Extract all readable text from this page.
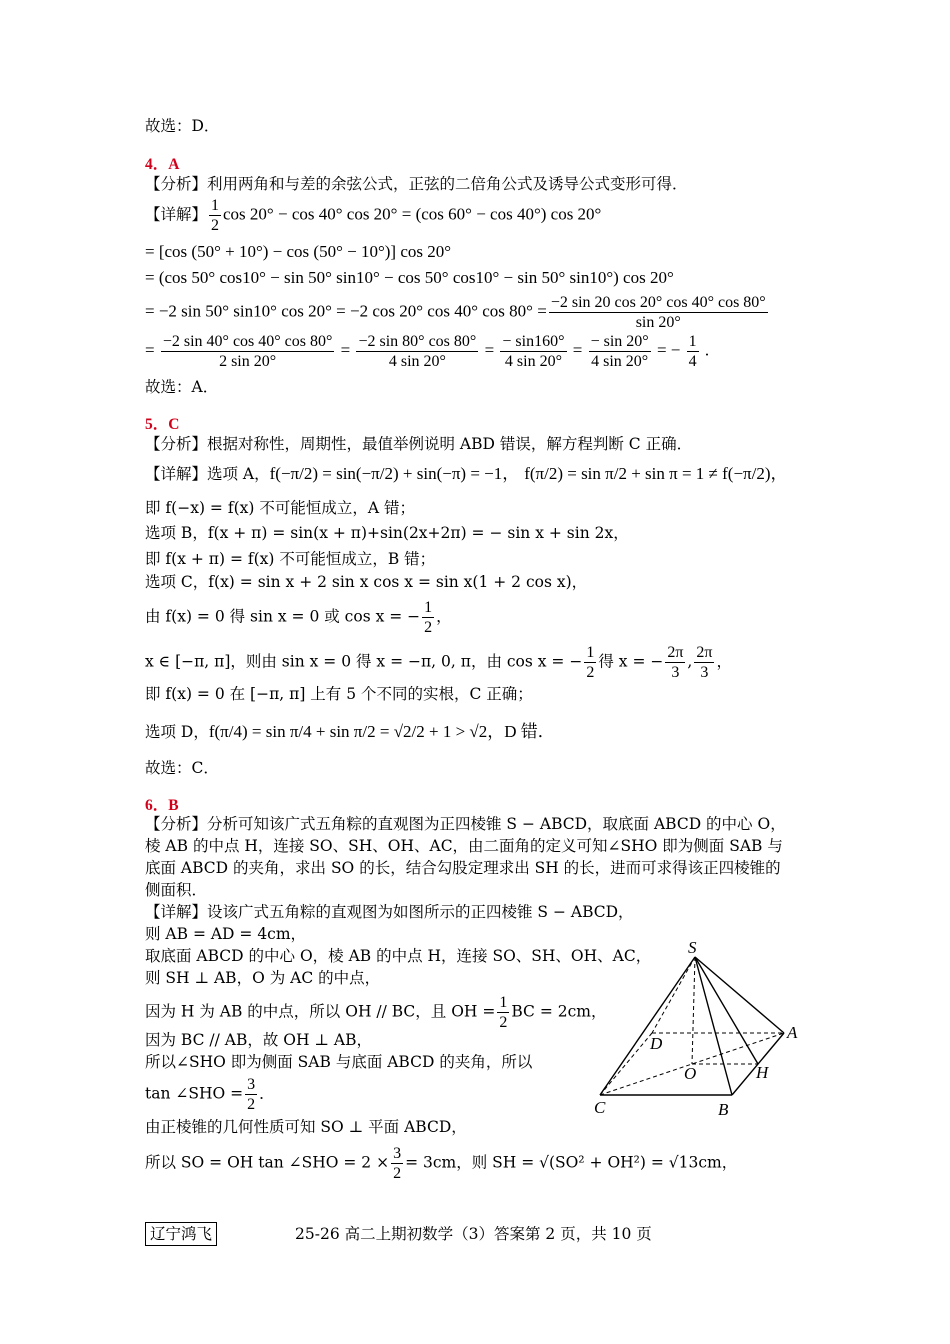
故选：D．
4．A
【分析】利用两角和与差的余弦公式，正弦的二倍角公式及诱导公式变形可得．
【详解】 $\frac{1}{2}$ cos 20° − cos 40° cos 20° = (cos 60° − cos 40°) cos 20°
= [cos (50° + 10°) − cos (50° − 10°)] cos 20°
= (cos 50° cos10° − sin 50° sin10° − cos 50° cos10° − sin 50° sin10°) cos 20°
= −2 sin 50° sin10° cos 20° = −2 cos 20° cos 40° $\cos 80^\circ = \frac{-2 \sin 20 \cos 20^\circ \cos 40^\circ \cos 80^\circ}{\sin 20^\circ}$
= $\frac{-2 \sin 40^\circ \cos 40^\circ \cos 80^\circ}{2 \sin 20^\circ} = \frac{-2 \sin 80^\circ \cos 80^\circ}{4 \sin 20^\circ} = \frac{- \sin 160^\circ}{4 \sin 20^\circ} = \frac{- \sin 20^\circ}{4 \sin 20^\circ}$ = − $\frac{1}{4}$ .
故选：A．
5．C
【分析】根据对称性，周期性，最值举例说明 ABD 错误，解方程判断 C 正确．
【详解】选项 A，f(−π/2) = sin(−π/2) + sin(−π) = −1， f(π/2) = sin π/2 + sin π = 1 ≠ f(−π/2)，
即 f(−x) = f(x) 不可能恒成立，A 错；
选项 B，f(x + π) = sin(x + π)+sin(2x+2π) = − sin x + sin 2x，
即 f(x + π) = f(x) 不可能恒成立，B 错；
选项 C，f(x) = sin x + 2 sin x cos x = sin x(1 + 2 cos x)，
由 f(x) = 0 得 sin x = 0 或 cos x = − $\frac{1}{2}$ ，
x ∈ [−π, π]，则由 sin x = 0 得 x = −π, 0, π，由 cos x = − $\frac{1}{2}$ 得 x = − $\frac{2\pi}{3}$ , $\frac{2\pi}{3}$ ，
即 f(x) = 0 在 [−π, π] 上有 5 个不同的实根，C 正确；
选项 D，f(π/4) = sin π/4 + sin π/2 = √2/2 + 1 > √2，D 错．
故选：C．
6．B
【分析】分析可知该广式五角粽的直观图为正四棱锥 S − ABCD，取底面 ABCD 的中心 O，
棱 AB 的中点 H，连接 SO、SH、OH、AC，由二面角的定义可知∠SHO 即为侧面 SAB 与
底面 ABCD 的夹角，求出 SO 的长，结合勾股定理求出 SH 的长，进而可求得该正四棱锥的
侧面积．
【详解】设该广式五角粽的直观图为如图所示的正四棱锥 S − ABCD，
则 AB = AD = 4cm，
取底面 ABCD 的中心 O，棱 AB 的中点 H，连接 SO、SH、OH、AC，
则 SH ⊥ AB，O 为 AC 的中点，
因为 H 为 AB 的中点，所以 OH // BC，且 OH = $\frac{1}{2}$ BC = 2cm，
因为 BC // AB，故 OH ⊥ AB，
所以∠SHO 即为侧面 SAB 与底面 ABCD 的夹角，所以
tan ∠SHO = $\frac{3}{2}$ ．
由正棱锥的几何性质可知 SO ⊥ 平面 ABCD，
所以 SO = OH tan ∠SHO = $2 \times \frac{3}{2} = 3cm$，则 SH = √(SO² + OH²) = √13cm，
S
A
B
C
D
O	H
辽宁鸿飞	25-26 高二上期初数学（3）答案第 2 页，共 10 页
